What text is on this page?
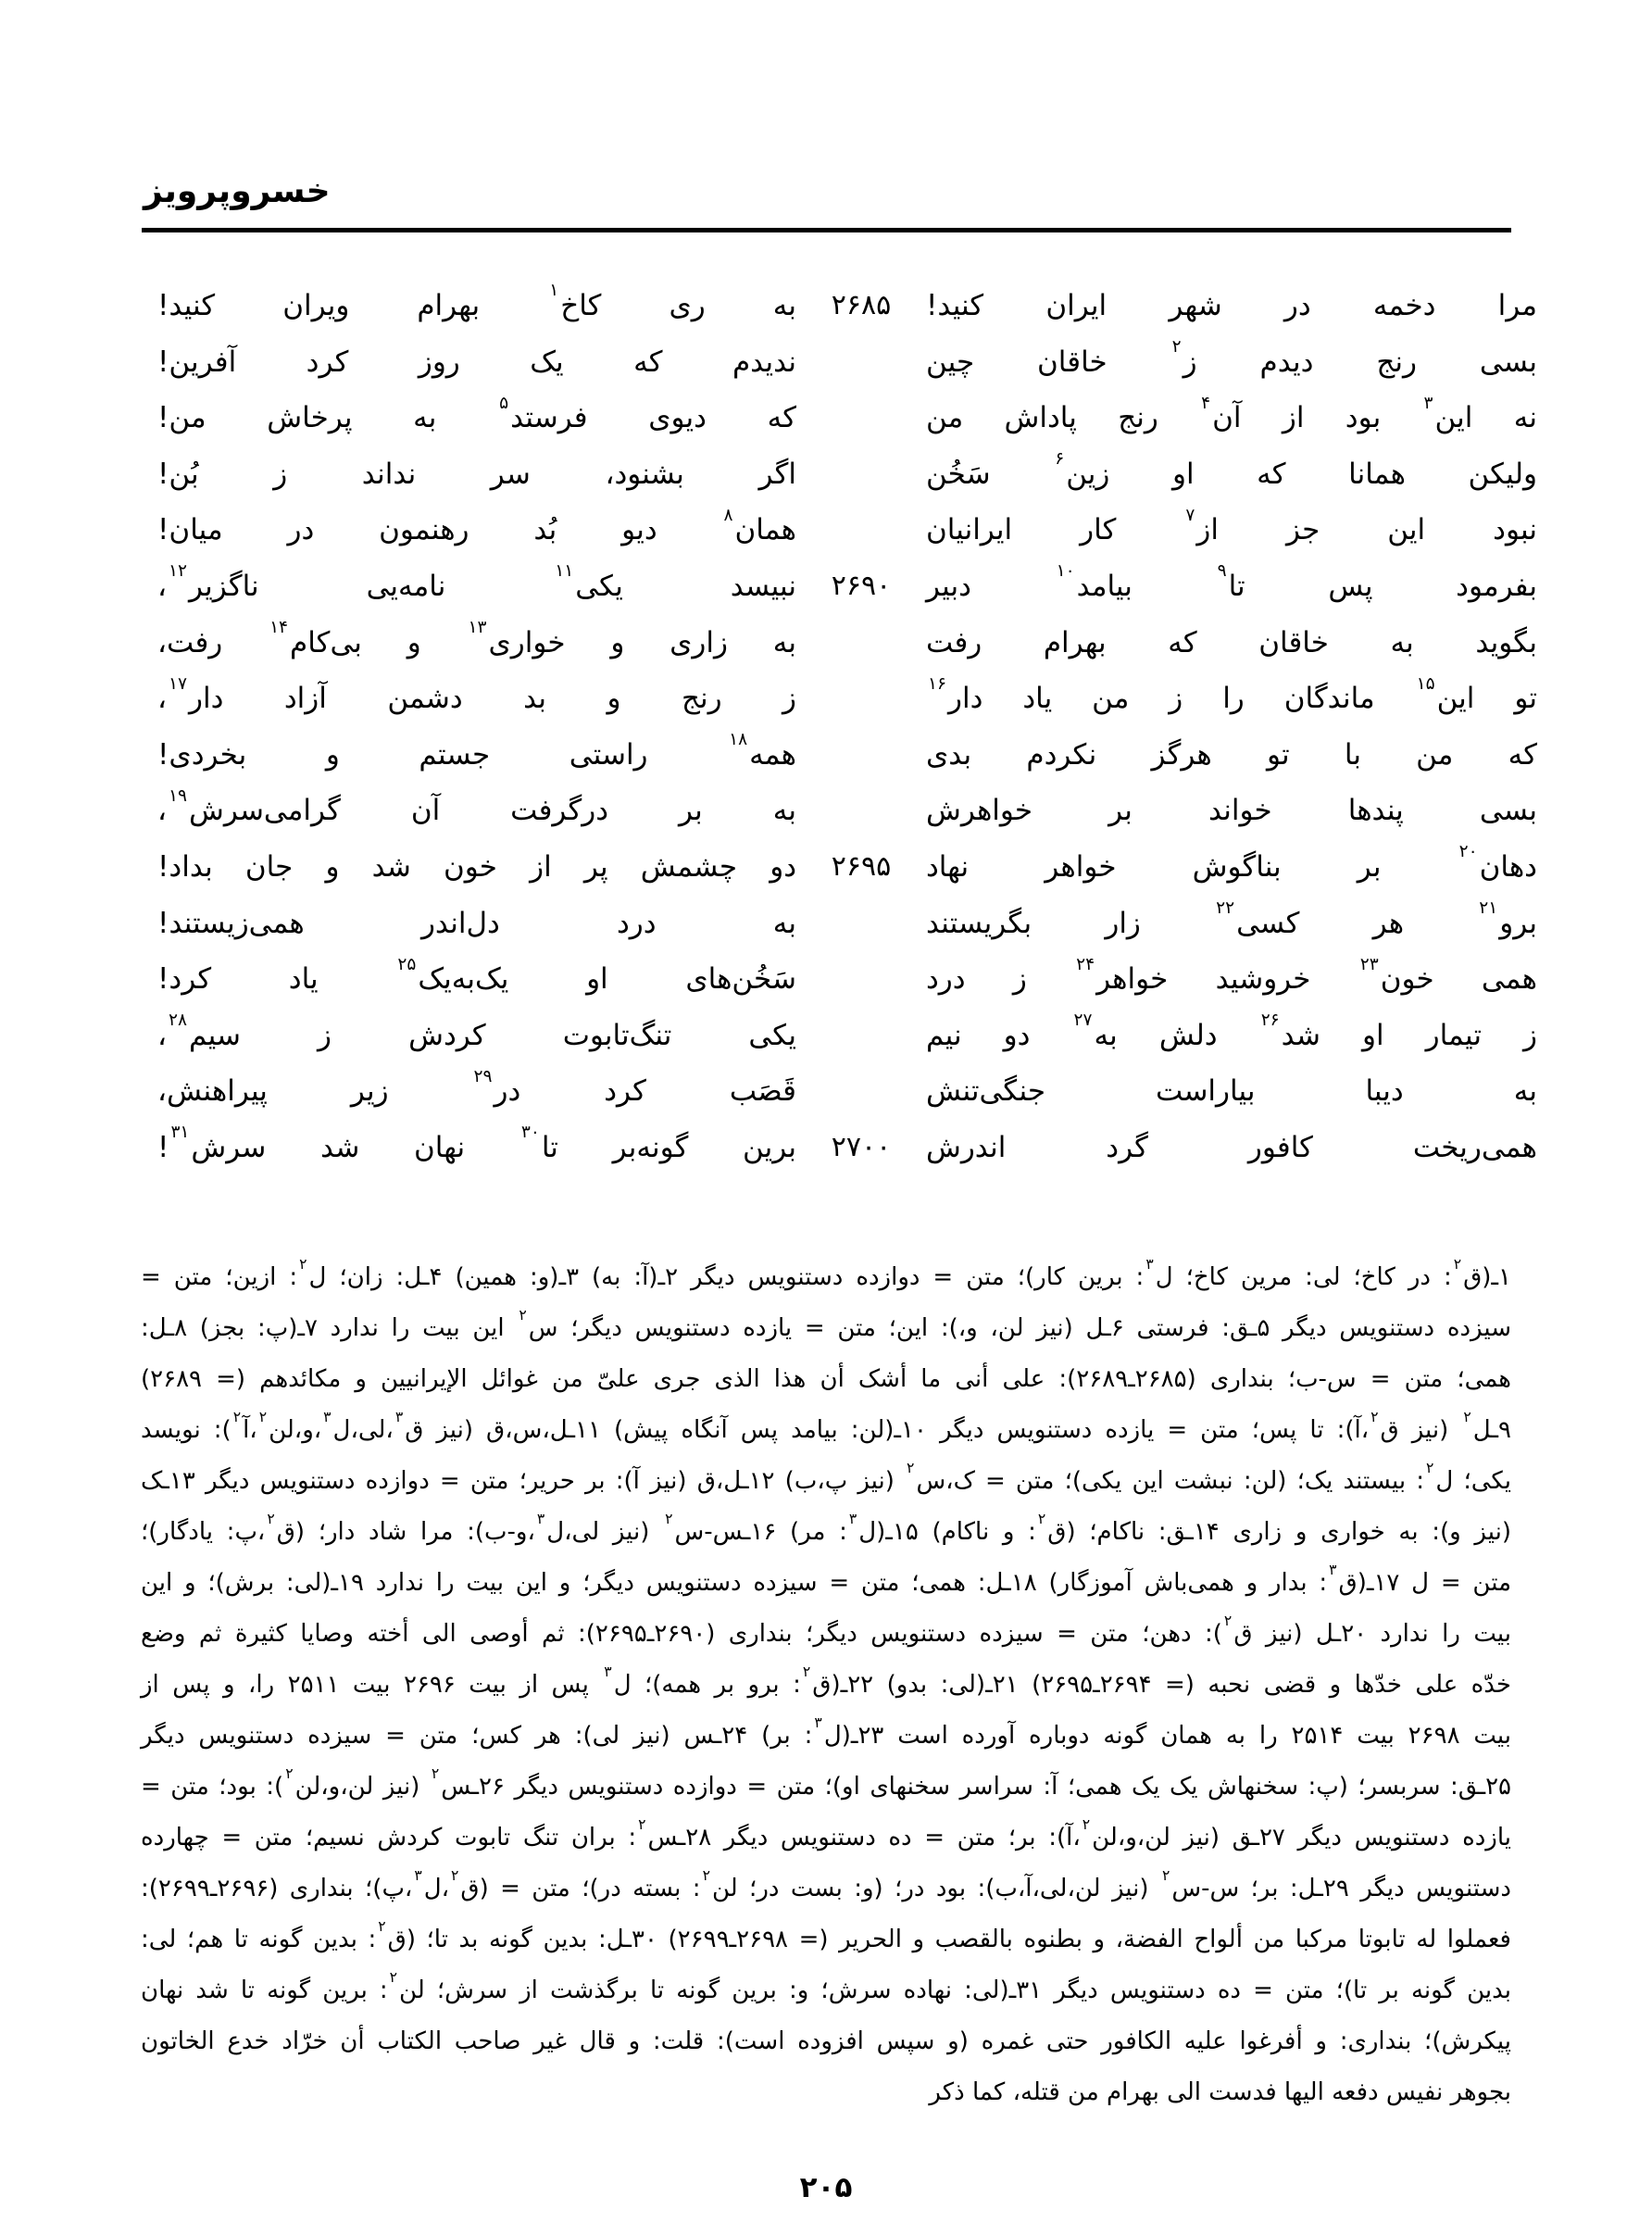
خسروپرویز
مرا دخمه در شهر ایران کنید!
۲۶۸۵
به ری کاخ$^۱$ بهرام ویران کنید!
بسی رنج دیدم ز$^۲$ خاقان چین
ندیدم که یک روز کرد آفرین!
نه این$^۳$ بود از آن$^۴$ رنج پاداش من
که دیوی فرستد$^۵$ به پرخاش من!
ولیکن همانا که او زین$^۶$ سَخُن
اگر بشنود، سر نداند ز بُن!
نبود این جز از$^۷$ کار ایرانیان
همان$^۸$ دیو بُد رهنمون در میان!
بفرمود پس تا$^۹$ بیامد$^{۱۰}$ دبیر
۲۶۹۰
نبیسد یکی$^{۱۱}$ نامه‌یی ناگزیر$^{۱۲}$،
بگوید به خاقان که بهرام رفت
به زاری و خواری$^{۱۳}$ و بی‌کام$^{۱۴}$ رفت،
تو این$^{۱۵}$ ماندگان را ز من یاد دار$^{۱۶}$
ز رنج و بد دشمن آزاد دار$^{۱۷}$،
که من با تو هرگز نکردم بدی
همه$^{۱۸}$ راستی جستم و بخردی!
بسی پندها خواند بر خواهرش
به بر درگرفت آن گرامی‌سرش$^{۱۹}$،
دهان$^{۲۰}$ بر بناگوش خواهر نهاد
۲۶۹۵
دو چشمش پر از خون شد و جان بداد!
برو$^{۲۱}$ هر کسی$^{۲۲}$ زار بگریستند
به درد دل‌اندر همی‌زیستند!
همی خون$^{۲۳}$ خروشید خواهر$^{۲۴}$ ز درد
سَخُن‌های او یک‌به‌یک$^{۲۵}$ یاد کرد!
ز تیمار او شد$^{۲۶}$ دلش به$^{۲۷}$ دو نیم
یکی تنگ‌تابوت کردش ز سیم$^{۲۸}$،
به دیبا بیاراست جنگی‌تنش
قَصَب کرد در$^{۲۹}$ زیر پیراهنش،
همی‌ریخت کافور گرد اندرش
۲۷۰۰
برین گونه‌بر تا$^{۳۰}$ نهان شد سرش$^{۳۱}$!
۱ـ(ق$^۲$: در کاخ؛ لی: مرین کاخ؛ ل$^۳$: برین کار)؛ متن = دوازده دستنویس دیگر ۲ـ(آ: به) ۳ـ(و: همین) ۴ـل: زان؛ ل$^۲$: ازین؛ متن =
سیزده دستنویس دیگر ۵ـق: فرستی ۶ـل (نیز لن، و،): این؛ متن = یازده دستنویس دیگر؛ س$^۲$ این بیت را ندارد ۷ـ(پ: بجز) ۸ـل:
همی؛ متن = س-ب؛ بنداری (۲۶۸۵ـ۲۶۸۹): علی أنی ما أشک أن هذا الذی جری علیّ من غوائل الإیرانیین و مکائدهم (= ۲۶۸۹)
۹ـل$^۲$ (نیز ق$^۲$،آ): تا پس؛ متن = یازده دستنویس دیگر ۱۰ـ(لن: بیامد پس آنگاه پیش) ۱۱ـل،س،ق (نیز ق$^۳$،لی،ل$^۳$،و،لن$^۲$،آ$^۲$): نویسد
یکی؛ ل$^۲$: بیستند یک؛ (لن: نبشت این یکی)؛ متن = ک،س$^۲$ (نیز پ،ب) ۱۲ـل،ق (نیز آ): بر حریر؛ متن = دوازده دستنویس دیگر ۱۳ـک
(نیز و): به خواری و زاری ۱۴ـق: ناکام؛ (ق$^۲$: و ناکام) ۱۵ـ(ل$^۳$: مر) ۱۶ـس-س$^۲$ (نیز لی،ل$^۳$،و-ب): مرا شاد دار؛ (ق$^۲$،پ: یادگار)؛
متن = ل ۱۷ـ(ق$^۳$: بدار و همی‌باش آموزگار) ۱۸ـل: همی؛ متن = سیزده دستنویس دیگر؛ و این بیت را ندارد ۱۹ـ(لی: برش)؛ و این
بیت را ندارد ۲۰ـل (نیز ق$^۲$): دهن؛ متن = سیزده دستنویس دیگر؛ بنداری (۲۶۹۰ـ۲۶۹۵): ثم أوصی الی أخته وصایا کثیرة ثم وضع
خدّه علی خدّها و قضی نحبه (= ۲۶۹۴ـ۲۶۹۵) ۲۱ـ(لی: بدو) ۲۲ـ(ق$^۲$: برو بر همه)؛ ل$^۳$ پس از بیت ۲۶۹۶ بیت ۲۵۱۱ را، و پس از
بیت ۲۶۹۸ بیت ۲۵۱۴ را به همان گونه دوباره آورده است ۲۳ـ(ل$^۳$: بر) ۲۴ـس (نیز لی): هر کس؛ متن = سیزده دستنویس دیگر
۲۵ـق: سربسر؛ (پ: سخنهاش یک یک همی؛ آ: سراسر سخنهای او)؛ متن = دوازده دستنویس دیگر ۲۶ـس$^۲$ (نیز لن،و،لن$^۲$): بود؛ متن =
یازده دستنویس دیگر ۲۷ـق (نیز لن،و،لن$^۲$،آ): بر؛ متن = ده دستنویس دیگر ۲۸ـس$^۲$: بران تنگ تابوت کردش نسیم؛ متن = چهارده
دستنویس دیگر ۲۹ـل: بر؛ س-س$^۲$ (نیز لن،لی،آ،ب): بود در؛ (و: بست در؛ لن$^۲$: بسته در)؛ متن = (ق$^۲$،ل$^۳$،پ)؛ بنداری (۲۶۹۶ـ۲۶۹۹):
فعملوا له تابوتا مرکبا من ألواح الفضة، و بطنوه بالقصب و الحریر (= ۲۶۹۸ـ۲۶۹۹) ۳۰ـل: بدین گونه بد تا؛ (ق$^۲$: بدین گونه تا هم؛ لی:
بدین گونه بر تا)؛ متن = ده دستنویس دیگر ۳۱ـ(لی: نهاده سرش؛ و: برین گونه تا برگذشت از سرش؛ لن$^۲$: برین گونه تا شد نهان
پیکرش)؛ بنداری: و أفرغوا علیه الکافور حتی غمره (و سپس افزوده است): قلت: و قال غیر صاحب الکتاب أن خرّاد خدع الخاتون
بجوهر نفیس دفعه الیها فدست الی بهرام من قتله، کما ذکر
۲۰۵
